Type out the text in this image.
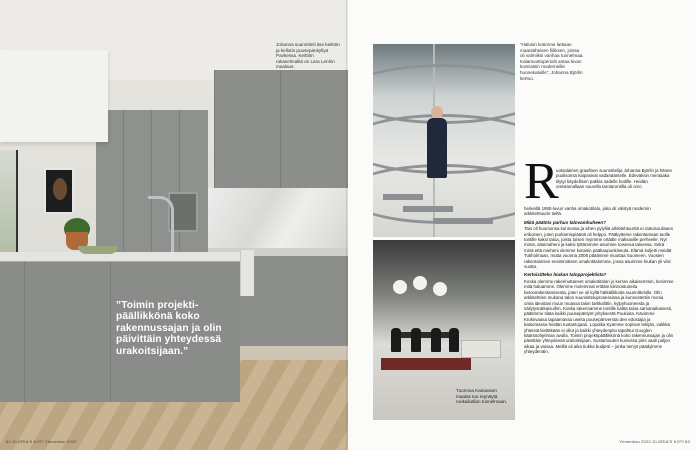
Johanna suunnitteli itse keittiön ja kellotin puusepänkyllyä Pavkessa. Keittiön rakaselmalliä on Lara Lenhin maalaus.
”Toimin projekti-päällikkönä koko rakennussajan ja olin päivittäin yhteydessä urakoitsijaan.”
82 GLORIA'S KOTI Yhmenkuu 2022
”Halusin kotimme lattiaan maanläheisen fiiliksen, joissa oli valmiiksi vanhaa tunnelmaa. Kalamuottoperiolti antaa kivan kontrastin moderneille huonekaluille”, Johanna Björlin kertoo.
Tuomma Kainaosen maalas tuo reynäytä ruokailutilan tunnelmaan.
R
uotsalainen graafinen suunnittelija Johanna Björlin ja hänen puolisonsa kaipasivat vadanääntelle. Edeväksin mentaaka tilytyi käydellisen pakkia sadelle kodille. Heidän omistamallaan suurella tarotarontilla oli omo
herkeillä 1950-luvun vanha omakotitalo, joka oli väistyä modernin arkkitehtuurin tieltä.
Mikä päätöis parhus talovamhuheen?
Taio oli huomonsa kunnossa ja sihen pylylliä arkkitehtuurtiä ei rattuisuulisaen erikoinen, joten purkamispiääöä oli helppo. Pääkytteme rakentamaan tuolle tontille kaksi taloa, joista toisen myimme ortääle maksaville perheelle. Nyt mimä, aitoimaheni ja kaksi tyttäremme asumme toisessa taloessa. Sekä minä että mieheni olemme kotoisin pääkaupunkiseuta. Elämä kuljetti meidät Tukholmaan, mutta vuonna 2006 päätimme muuttaa Suomeen. Vuosien rakentamisen ensimmäisen omakotitalomme, jossa asuimme hiukan yli viisi vuotta.
Kertoisitteko hiukan talopprojektista?
Koska olemme rakennuttaneet omakotitalon jo kerran aikaisemmin, tiesimme mitä haluamme. Olemme molemmat erittäin kiinnostuneita betonirakentamisesta, joten se oli kyllä hätkälikkoita suunnittelulle. Olin arkkitehtien mukana talon suunnitteluprosessissa ja kunnostettiin monia omia ideoitani muun muassa talon tarkkalittin, kylpyhuoneesta ja säilytysratkaisuihin. Koska rakennamme tontille kaltta taloa samanaikaisesti, päätimme tilata kaikki puusepäntyöt yrityksestä Puukoita. Kävimme Kruksvaasa tapaamassa useita puusepänverstai den edustajia ja katsomassa heidän tuotantojaan. Loputka Kyamme sopivan tekijän, valikka yhteistä kieltäkään ei ollut ja kaikki yhteydenpito tapahtui Googlen kääntöohjelman avulla. Toimin projektipäällikkönä koko rakennussajan ja olin päivittäin yhteydessä urakoitsijaan. Sustamuuten kuviossa piirs vaati paljon aikaa ja vaivaa. Meillä oli aika tiukka budjetti – jonka tiervyt päädyimme yhteydenäin.
Yhmenkuu 2022 GLORIA'S KOTI 83
